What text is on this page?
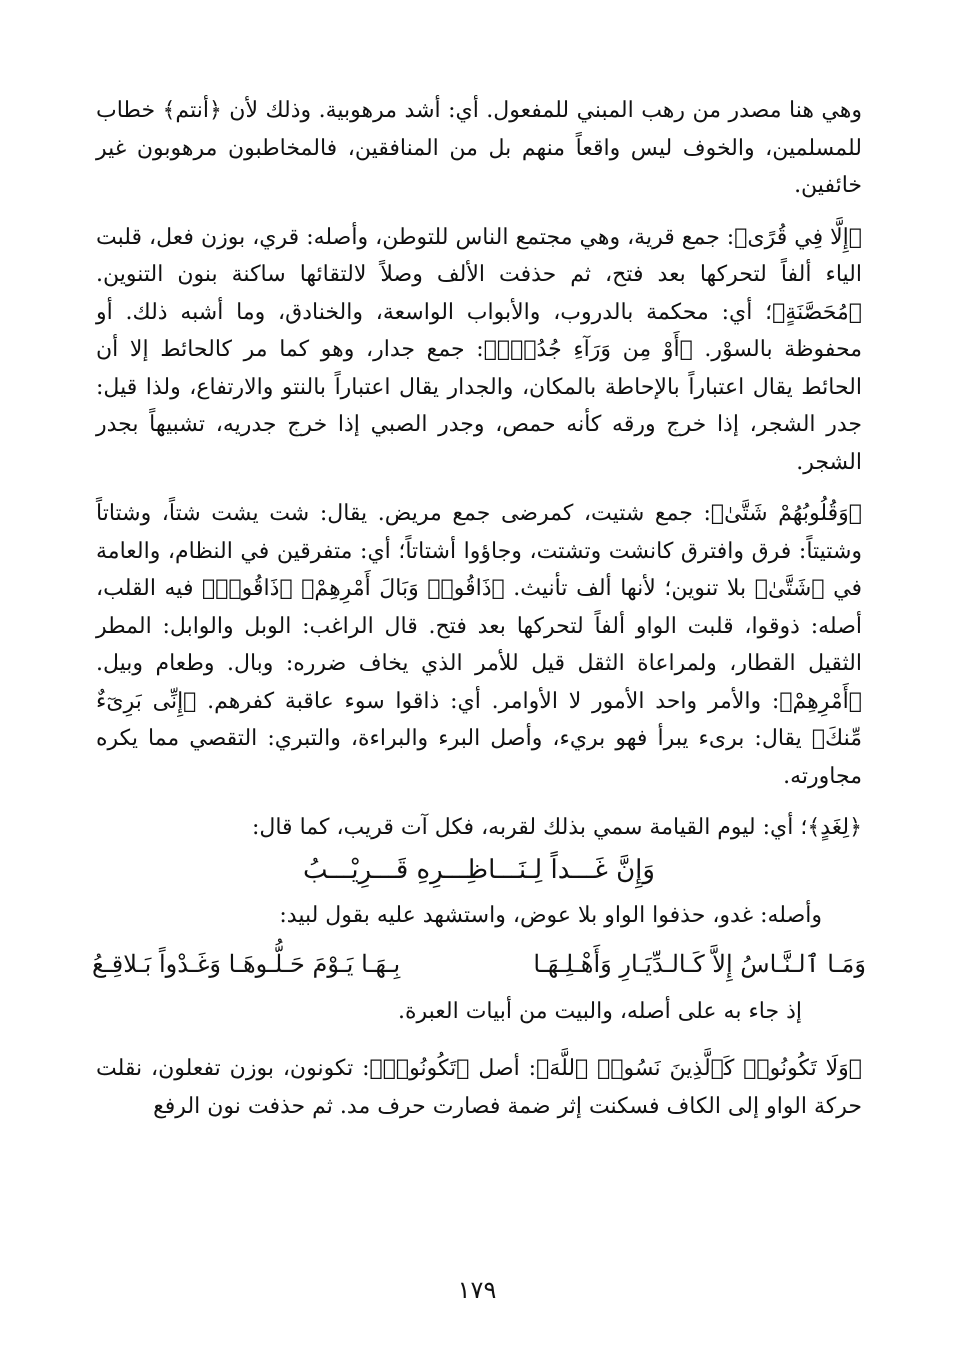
وهي هنا مصدر من رهب المبني للمفعول. أي: أشد مرهوبية. وذلك لأن ﴿أنتم﴾ خطاب للمسلمين، والخوف ليس واقعاً منهم بل من المنافقين، فالمخاطبون مرهوبون غير خائفين.

﴿إِلَّا فِي قُرًى﴾: جمع قرية، وهي مجتمع الناس للتوطن، وأصله: قري، بوزن فعل، قلبت الياء ألفاً لتحركها بعد فتح، ثم حذفت الألف وصلاً لالتقائها ساكنة بنون التنوين. ﴿مُحَصَّنَةٍ﴾؛ أي: محكمة بالدروب، والأبواب الواسعة، والخنادق، وما أشبه ذلك. أو محفوظة بالسوْر. ﴿أَوْ مِن وَرَآءِ جُدُرٍۭ﴾: جمع جدار، وهو كما مر كالحائط إلا أن الحائط يقال اعتباراً بالإحاطة بالمكان، والجدار يقال اعتباراً بالنتو والارتفاع، ولذا قيل: جدر الشجر، إذا خرج ورقه كأنه حمص، وجدر الصبي إذا خرج جدريه، تشبيهاً بجدر الشجر.

﴿وَقُلُوبُهُمْ شَتَّىٰ﴾: جمع شتيت، كمرضى جمع مريض. يقال: شت يشت شتاً، وشتاتاً وشتيتاً: فرق وافترق كانشت وتشتت، وجاؤوا أشتاتاً؛ أي: متفرقين في النظام، والعامة في ﴿شَتَّىٰ﴾ بلا تنوين؛ لأنها ألف تأنيث. ﴿ذَاقُوا۟ وَبَالَ أَمْرِهِمْ﴾ ﴿ذَاقُوا۟﴾ فيه القلب، أصله: ذوقوا، قلبت الواو ألفاً لتحركها بعد فتح. قال الراغب: الوبل والوابل: المطر الثقيل القطار، ولمراعاة الثقل قيل للأمر الذي يخاف ضرره: وبال. وطعام وبيل. ﴿أَمْرِهِمْ﴾: والأمر واحد الأمور لا الأوامر. أي: ذاقوا سوء عاقبة كفرهم. ﴿إِنِّى بَرِىٓءٌ مِّنكَ﴾ يقال: برىء يبرأ فهو بريء، وأصل البرء والبراءة، والتبري: التقصي مما يكره مجاورته.

﴿لِغَدٍ﴾؛ أي: ليوم القيامة سمي بذلك لقربه، فكل آت قريب، كما قال:

وَإِنَّ غَـــداً لِـنَـــاظِـــرِهِ قَـــرِيْـــبُ

وأصله: غدو، حذفوا الواو بلا عوض، واستشهد عليه بقول لبيد:

وَمَـا ٱلـنَّـاسُ إِلاَّ كَـالـدِّيَـارِ وَأَهْـلِـهَـا
بِـهَـا يَـوْمَ حَـلُّـوهَـا وَغَـدْواً بَـلاقِـعُ

إذ جاء به على أصله، والبيت من أبيات العبرة.

﴿وَلَا تَكُونُوا۟ كَٱلَّذِينَ نَسُوا۟ ٱللَّهَ﴾: أصل ﴿تَكُونُوا۟﴾: تكونون، بوزن تفعلون، نقلت حركة الواو إلى الكاف فسكنت إثر ضمة فصارت حرف مد. ثم حذفت نون الرفع

١٧٩
